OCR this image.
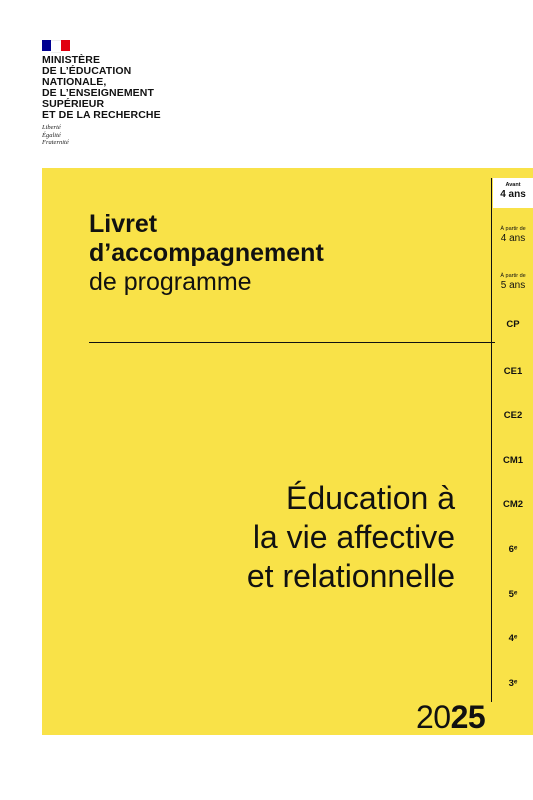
MINISTÈRE
DE L’ÉDUCATION
NATIONALE,
DE L’ENSEIGNEMENT
SUPÉRIEUR
ET DE LA RECHERCHE
Liberté
Égalité
Fraternité
Livret
d’accompagnement
de programme
Éducation à
la vie affective
et relationnelle
Avant
4 ans
À partir de
4 ans
À partir de
5 ans
CP
CE1
CE2
CM1
CM2
6ᵉ
5ᵉ
4ᵉ
3ᵉ
2025
